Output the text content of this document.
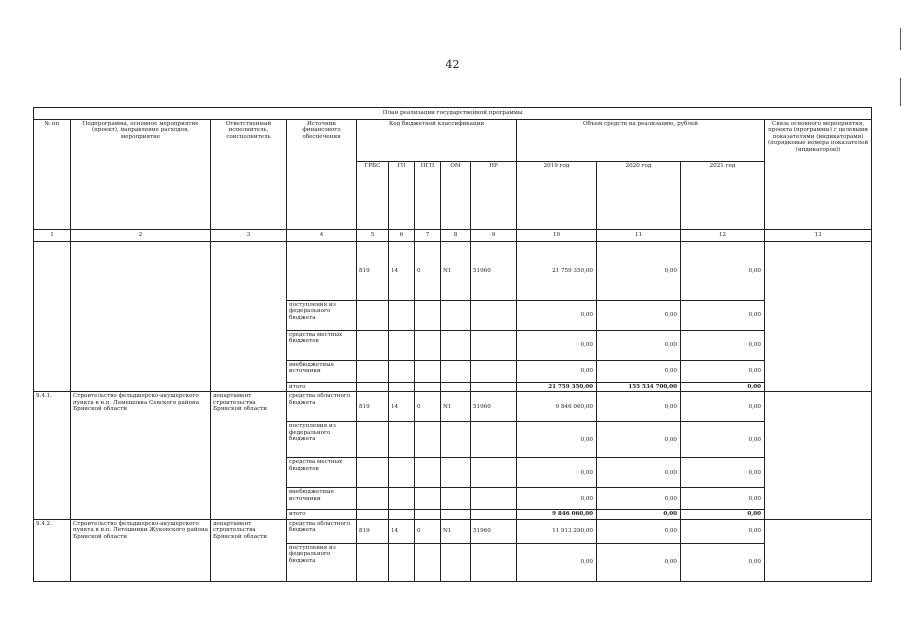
42
План реализации государственной программы												
№ пп	Подпрограмма, основное мероприятие (проект), направление расходов, мероприятие	Ответственный исполнитель, соисполнитель	Источник финансового обеспечения	Код бюджетной классификации					Объем средств на реализацию, рублей			Связь основного мероприятия, проекта (программы) с целевыми показателями (индикаторами) (порядковые номера показателей (индикаторов))
				ГРБС	ГП	ПГП	ОМ	НР	2019 год	2020 год	2021 год	
1	2	3	4	5	6	7	8	9	10	11	12	13
				819	14	0	N1	51960	21 759 350,00	0,00	0,00	
			поступления из федерального бюджета						0,00	0,00	0,00	
			средства местных бюджетов						0,00	0,00	0,00	
			внебюджетные источники						0,00	0,00	0,00	
			итого						21 759 350,00	155 534 700,00	0,00	
9.4.1.	Строительство фельдшерско-акушерского пункта в н.п. Лемешовка Севского района Брянской области	департамент строительства Брянской области	средства областного бюджета	819	14	0	N1	51960	9 846 060,00	0,00	0,00	
			поступления из федерального бюджета						0,00	0,00	0,00	
			средства местных бюджетов						0,00	0,00	0,00	
			внебюджетные источники						0,00	0,00	0,00	
			итого						9 846 060,00	0,00	0,00	
9.4.2.	Строительство фельдшерско-акушерского пункта в н.п. Летошники Жуковского района Брянской области	департамент строительства Брянской области	средства областного бюджета	819	14	0	N1	51960	11 913 290,00	0,00	0,00	
			поступления из федерального бюджета						0,00	0,00	0,00	
